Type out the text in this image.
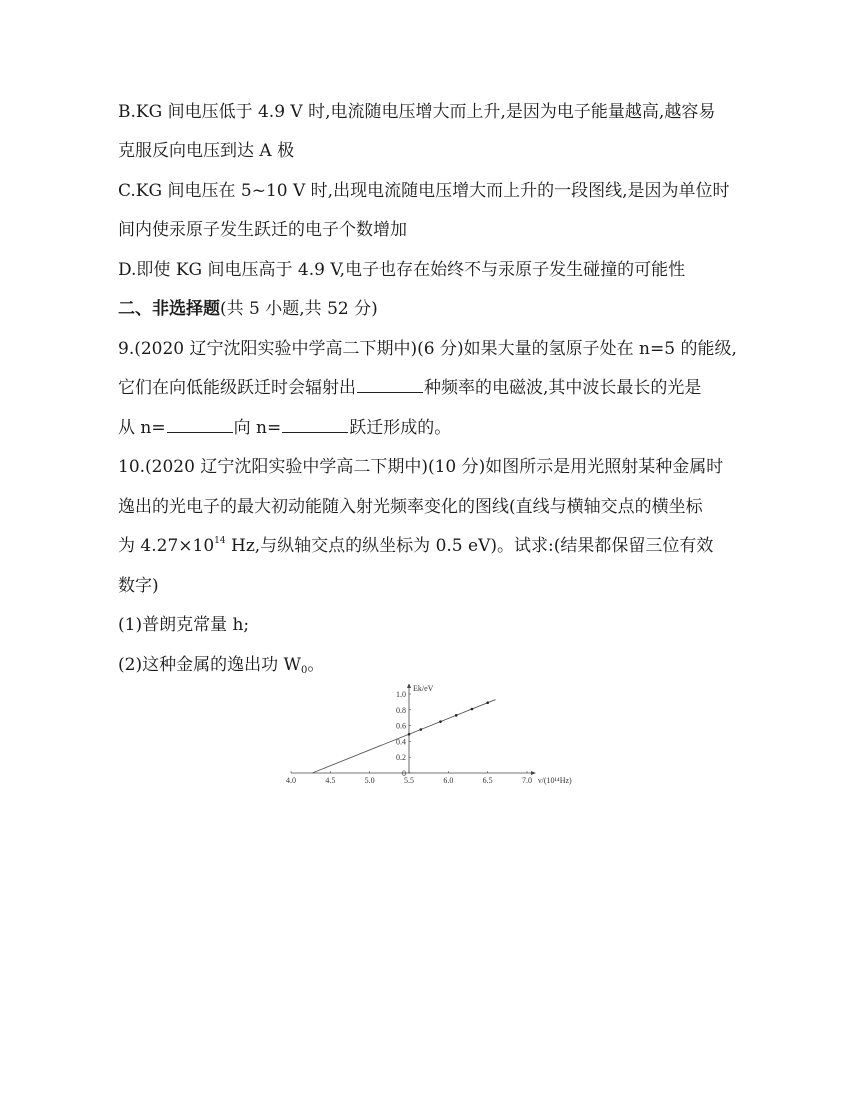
B.KG 间电压低于 4.9 V 时,电流随电压增大而上升,是因为电子能量越高,越容易
克服反向电压到达 A 极
C.KG 间电压在 5~10 V 时,出现电流随电压增大而上升的一段图线,是因为单位时
间内使汞原子发生跃迁的电子个数增加
D.即使 KG 间电压高于 4.9 V,电子也存在始终不与汞原子发生碰撞的可能性
二、非选择题(共 5 小题,共 52 分)
9.(2020 辽宁沈阳实验中学高二下期中)(6 分)如果大量的氢原子处在 n=5 的能级,
它们在向低能级跃迁时会辐射出	种频率的电磁波,其中波长最长的光是
从 n=	向 n=	跃迁形成的。
10.(2020 辽宁沈阳实验中学高二下期中)(10 分)如图所示是用光照射某种金属时
逸出的光电子的最大初动能随入射光频率变化的图线(直线与横轴交点的横坐标
为 $4.27\times 10^{14}$ Hz,与纵轴交点的纵坐标为 0.5 eV)。试求:(结果都保留三位有效
数字)
(1)普朗克常量 h;
(2)这种金属的逸出功 $W_0$。
4.0	4.5	5.0	5.5	6.0	6.5	7.0
0
0.2
0.4
0.6
0.8
1.0
Ek/eV
ν/(10¹⁴Hz)
